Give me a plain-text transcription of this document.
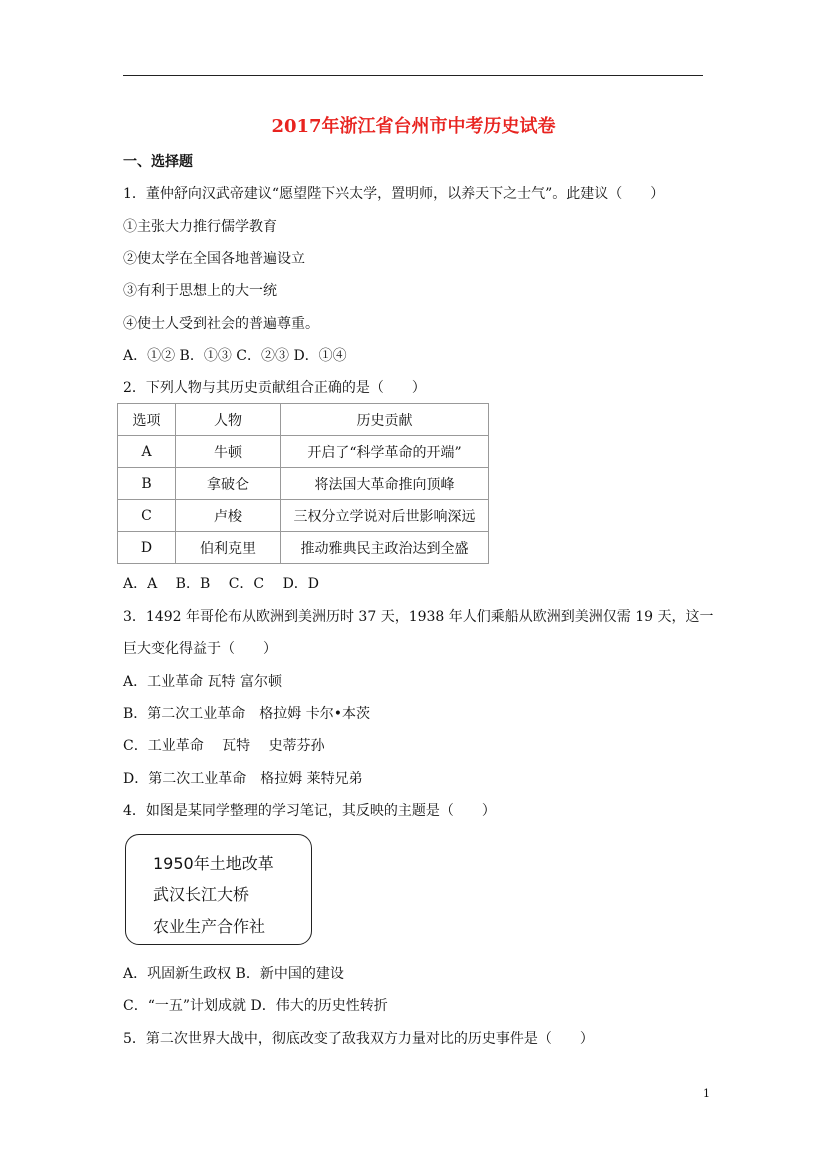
2017年浙江省台州市中考历史试卷
一、选择题
1．董仲舒向汉武帝建议“愿望陛下兴太学，置明师，以养天下之士气”。此建议（　　）
①主张大力推行儒学教育
②使太学在全国各地普遍设立
③有利于思想上的大一统
④使士人受到社会的普遍尊重。
A．①② B．①③ C．②③ D．①④
2．下列人物与其历史贡献组合正确的是（　　）
选项	人物	历史贡献
A	牛顿	开启了“科学革命的开端”
B	拿破仑	将法国大革命推向顶峰
C	卢梭	三权分立学说对后世影响深远
D	伯利克里	推动雅典民主政治达到全盛
A．A　 B．B　 C．C　 D．D
3．1492 年哥伦布从欧洲到美洲历时 37 天，1938 年人们乘船从欧洲到美洲仅需 19 天，这一
巨大变化得益于（　　）
A．工业革命 瓦特 富尔顿
B．第二次工业革命　格拉姆 卡尔•本茨
C．工业革命　 瓦特　 史蒂芬孙
D．第二次工业革命　格拉姆 莱特兄弟
4．如图是某同学整理的学习笔记，其反映的主题是（　　）
1950年土地改革
武汉长江大桥
农业生产合作社
A．巩固新生政权 B．新中国的建设
C．“一五”计划成就 D．伟大的历史性转折
5．第二次世界大战中，彻底改变了敌我双方力量对比的历史事件是（　　）
1
